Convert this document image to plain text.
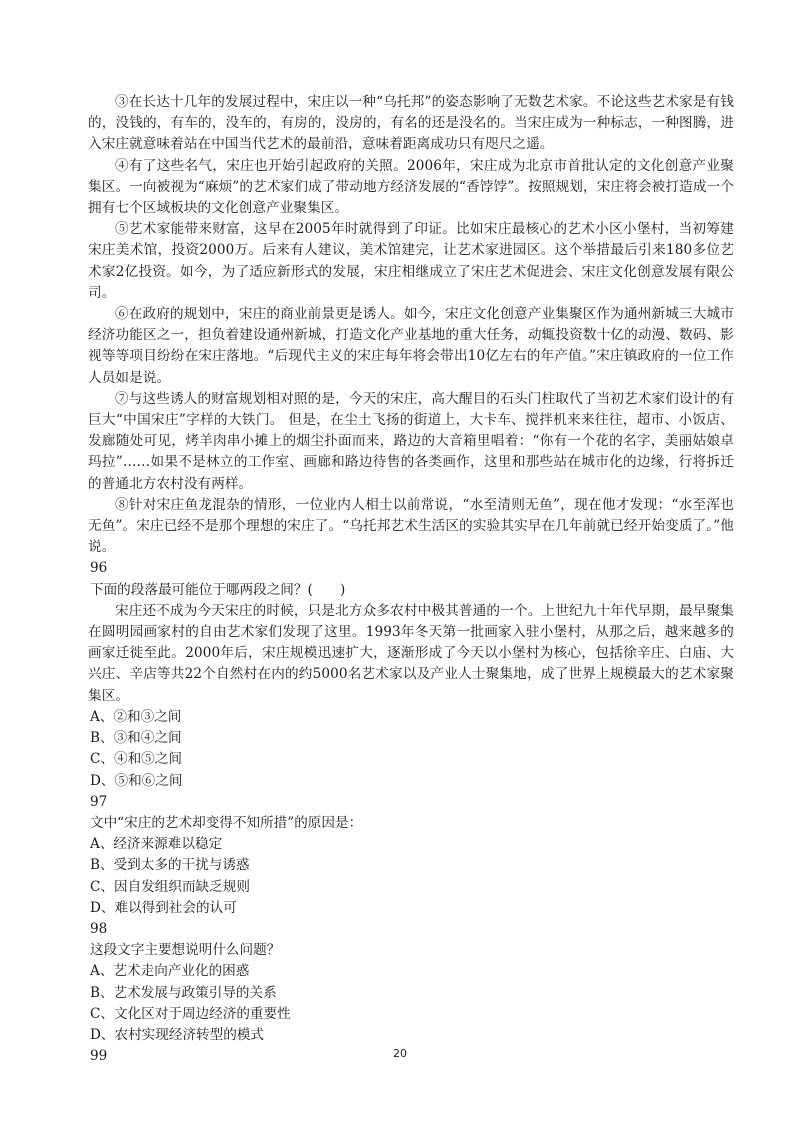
③在长达十几年的发展过程中，宋庄以一种“乌托邦”的姿态影响了无数艺术家。不论这些艺术家是有钱的，没钱的，有车的，没车的，有房的，没房的，有名的还是没名的。当宋庄成为一种标志，一种图腾，进入宋庄就意味着站在中国当代艺术的最前沿，意味着距离成功只有咫尺之遥。

④有了这些名气，宋庄也开始引起政府的关照。2006年，宋庄成为北京市首批认定的文化创意产业聚集区。一向被视为“麻烦”的艺术家们成了带动地方经济发展的“香饽饽”。按照规划，宋庄将会被打造成一个拥有七个区域板块的文化创意产业聚集区。

⑤艺术家能带来财富，这早在2005年时就得到了印证。比如宋庄最核心的艺术小区小堡村，当初筹建宋庄美术馆，投资2000万。后来有人建议，美术馆建完，让艺术家进园区。这个举措最后引来180多位艺术家2亿投资。如今，为了适应新形式的发展，宋庄相继成立了宋庄艺术促进会、宋庄文化创意发展有限公司。

⑥在政府的规划中，宋庄的商业前景更是诱人。如今，宋庄文化创意产业集聚区作为通州新城三大城市经济功能区之一，担负着建设通州新城，打造文化产业基地的重大任务，动辄投资数十亿的动漫、数码、影视等等项目纷纷在宋庄落地。“后现代主义的宋庄每年将会带出10亿左右的年产值。”宋庄镇政府的一位工作人员如是说。

⑦与这些诱人的财富规划相对照的是，今天的宋庄，高大醒目的石头门柱取代了当初艺术家们设计的有巨大“中国宋庄”字样的大铁门。 但是，在尘土飞扬的街道上，大卡车、搅拌机来来往往，超市、小饭店、发廊随处可见，烤羊肉串小摊上的烟尘扑面而来，路边的大音箱里唱着：“你有一个花的名字，美丽姑娘卓玛拉”……如果不是林立的工作室、画廊和路边待售的各类画作，这里和那些站在城市化的边缘，行将拆迁的普通北方农村没有两样。

⑧针对宋庄鱼龙混杂的情形，一位业内人相士以前常说，“水至清则无鱼”，现在他才发现：“水至浑也无鱼”。宋庄已经不是那个理想的宋庄了。“乌托邦艺术生活区的实验其实早在几年前就已经开始变质了。”他说。

96

下面的段落最可能位于哪两段之间？(　　)

宋庄还不成为今天宋庄的时候，只是北方众多农村中极其普通的一个。上世纪九十年代早期，最早聚集在圆明园画家村的自由艺术家们发现了这里。1993年冬天第一批画家入驻小堡村，从那之后，越来越多的画家迁徙至此。2000年后，宋庄规模迅速扩大，逐渐形成了今天以小堡村为核心，包括徐辛庄、白庙、大兴庄、辛店等共22个自然村在内的约5000名艺术家以及产业人士聚集地，成了世界上规模最大的艺术家聚集区。

A、②和③之间

B、③和④之间

C、④和⑤之间

D、⑤和⑥之间

97

文中“宋庄的艺术却变得不知所措”的原因是：

A、经济来源难以稳定

B、受到太多的干扰与诱惑

C、因自发组织而缺乏规则

D、难以得到社会的认可

98

这段文字主要想说明什么问题？

A、艺术走向产业化的困惑

B、艺术发展与政策引导的关系

C、文化区对于周边经济的重要性

D、农村实现经济转型的模式

99	20
